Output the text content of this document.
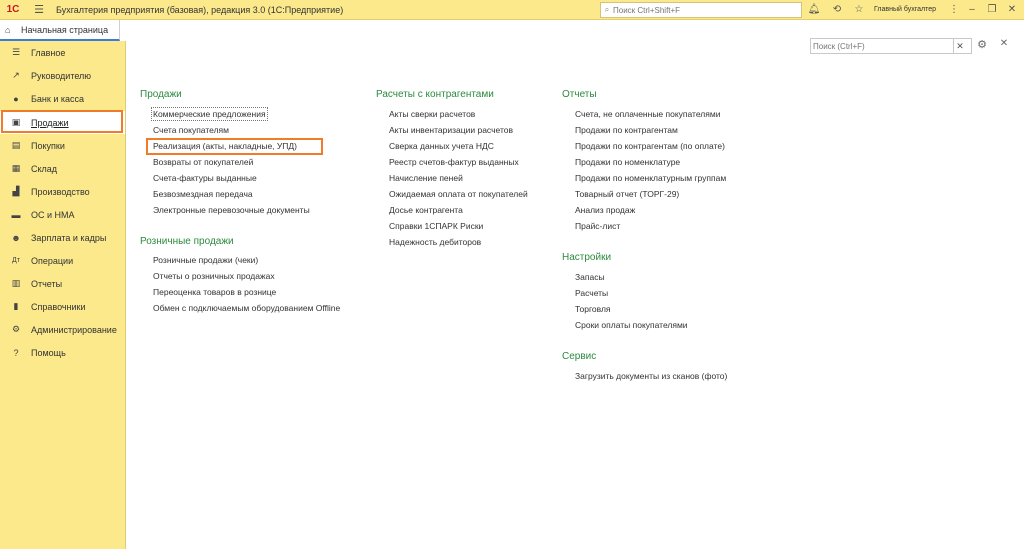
1С ☰ Бухгалтерия предприятия (базовая), редакция 3.0 (1С:Предприятие)	⌕
Поиск Ctrl+Shift+F	🔔︎	⟲	☆	Главный бухгалтер	⋮	–	❐	✕
⌂	Начальная страница
☰	Главное
↗	Руководителю
●	Банк и касса
▣	Продажи
▤	Покупки
▦	Склад
▟	Производство
▬ ОС и НМА
☻ Зарплата и кадры
Дт	Операции
▥	Отчеты
▮	Справочники
⚙	Администрирование
?	Помощь
Поиск (Ctrl+F)
✕ ⚙ ✕
Продажи
Коммерческие предложения
Счета покупателям
Реализация (акты, накладные, УПД)
Возвраты от покупателей
Счета-фактуры выданные
Безвозмездная передача
Электронные перевозочные документы
Розничные продажи
Розничные продажи (чеки)
Отчеты о розничных продажах
Переоценка товаров в рознице
Обмен с подключаемым оборудованием Offline
Расчеты с контрагентами
Акты сверки расчетов
Акты инвентаризации расчетов
Сверка данных учета НДС
Реестр счетов-фактур выданных
Начисление пеней
Ожидаемая оплата от покупателей
Досье контрагента
Справки 1СПАРК Риски
Надежность дебиторов
Отчеты
Счета, не оплаченные покупателями
Продажи по контрагентам
Продажи по контрагентам (по оплате)
Продажи по номенклатуре
Продажи по номенклатурным группам
Товарный отчет (ТОРГ-29)
Анализ продаж
Прайс-лист
Настройки
Запасы
Расчеты
Торговля
Сроки оплаты покупателями
Сервис
Загрузить документы из сканов (фото)
